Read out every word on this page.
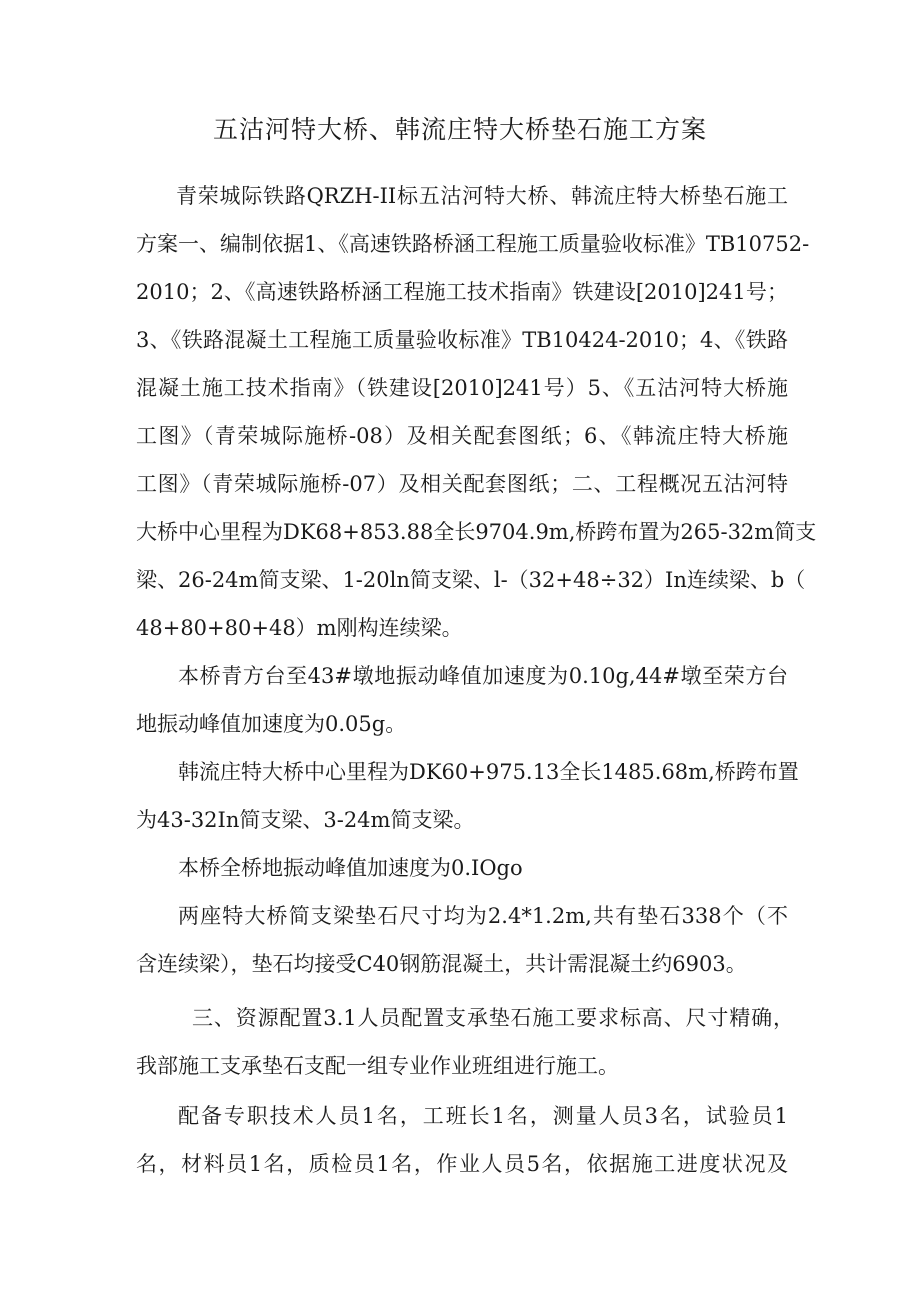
五沽河特大桥、韩流庄特大桥垫石施工方案
青荣城际铁路QRZH-II标五沽河特大桥、韩流庄特大桥垫石施工
方案一、编制依据1、《高速铁路桥涵工程施工质量验收标准》TB10752-
2010；2、《高速铁路桥涵工程施工技术指南》铁建设[2010]241号；
3、《铁路混凝土工程施工质量验收标准》TB10424-2010；4、《铁路
混凝土施工技术指南》（铁建设[2010]241号）5、《五沽河特大桥施
工图》（青荣城际施桥-08）及相关配套图纸；6、《韩流庄特大桥施
工图》（青荣城际施桥-07）及相关配套图纸；二、工程概况五沽河特
大桥中心里程为DK68+853.88全长9704.9m,桥跨布置为265-32m简支
梁、26-24m简支梁、1-20ln简支梁、l-（32+48÷32）In连续梁、b（
48+80+80+48）m刚构连续梁。
本桥青方台至43#墩地振动峰值加速度为0.10g,44#墩至荣方台
地振动峰值加速度为0.05g。
韩流庄特大桥中心里程为DK60+975.13全长1485.68m,桥跨布置
为43-32In简支梁、3-24m简支梁。
本桥全桥地振动峰值加速度为0.IOgo
两座特大桥简支梁垫石尺寸均为2.4*1.2m,共有垫石338个（不
含连续梁），垫石均接受C40钢筋混凝土，共计需混凝土约6903。
三、资源配置3.1人员配置支承垫石施工要求标高、尺寸精确，
我部施工支承垫石支配一组专业作业班组进行施工。
配备专职技术人员1名，工班长1名，测量人员3名，试验员1
名，材料员1名，质检员1名，作业人员5名，依据施工进度状况及
